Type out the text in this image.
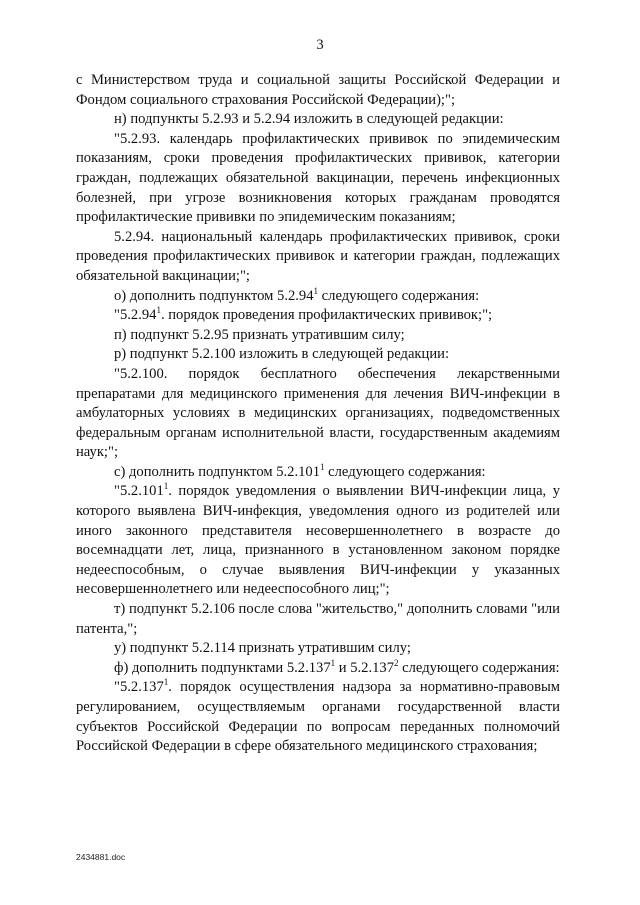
3

с Министерством труда и социальной защиты Российской Федерации и Фондом социального страхования Российской Федерации);";

н) подпункты 5.2.93 и 5.2.94 изложить в следующей редакции:

"5.2.93. календарь профилактических прививок по эпидемическим показаниям, сроки проведения профилактических прививок, категории граждан, подлежащих обязательной вакцинации, перечень инфекционных болезней, при угрозе возникновения которых гражданам проводятся профилактические прививки по эпидемическим показаниям;

5.2.94. национальный календарь профилактических прививок, сроки проведения профилактических прививок и категории граждан, подлежащих обязательной вакцинации;";

о) дополнить подпунктом 5.2.94$^1$ следующего содержания:

"5.2.94$^1$. порядок проведения профилактических прививок;";

п) подпункт 5.2.95 признать утратившим силу;

р) подпункт 5.2.100 изложить в следующей редакции:

"5.2.100. порядок бесплатного обеспечения лекарственными препаратами для медицинского применения для лечения ВИЧ-инфекции в амбулаторных условиях в медицинских организациях, подведомственных федеральным органам исполнительной власти, государственным академиям наук;";

с) дополнить подпунктом 5.2.101$^1$ следующего содержания:

"5.2.101$^1$. порядок уведомления о выявлении ВИЧ-инфекции лица, у которого выявлена ВИЧ-инфекция, уведомления одного из родителей или иного законного представителя несовершеннолетнего в возрасте до восемнадцати лет, лица, признанного в установленном законом порядке недееспособным, о случае выявления ВИЧ-инфекции у указанных несовершеннолетнего или недееспособного лиц;";

т) подпункт 5.2.106 после слова "жительство," дополнить словами "или патента,";

у) подпункт 5.2.114 признать утратившим силу;

ф) дополнить подпунктами 5.2.137$^1$ и 5.2.137$^2$ следующего содержания:

"5.2.137$^1$. порядок осуществления надзора за нормативно-правовым регулированием, осуществляемым органами государственной власти субъектов Российской Федерации по вопросам переданных полномочий Российской Федерации в сфере обязательного медицинского страхования;

2434881.doc
